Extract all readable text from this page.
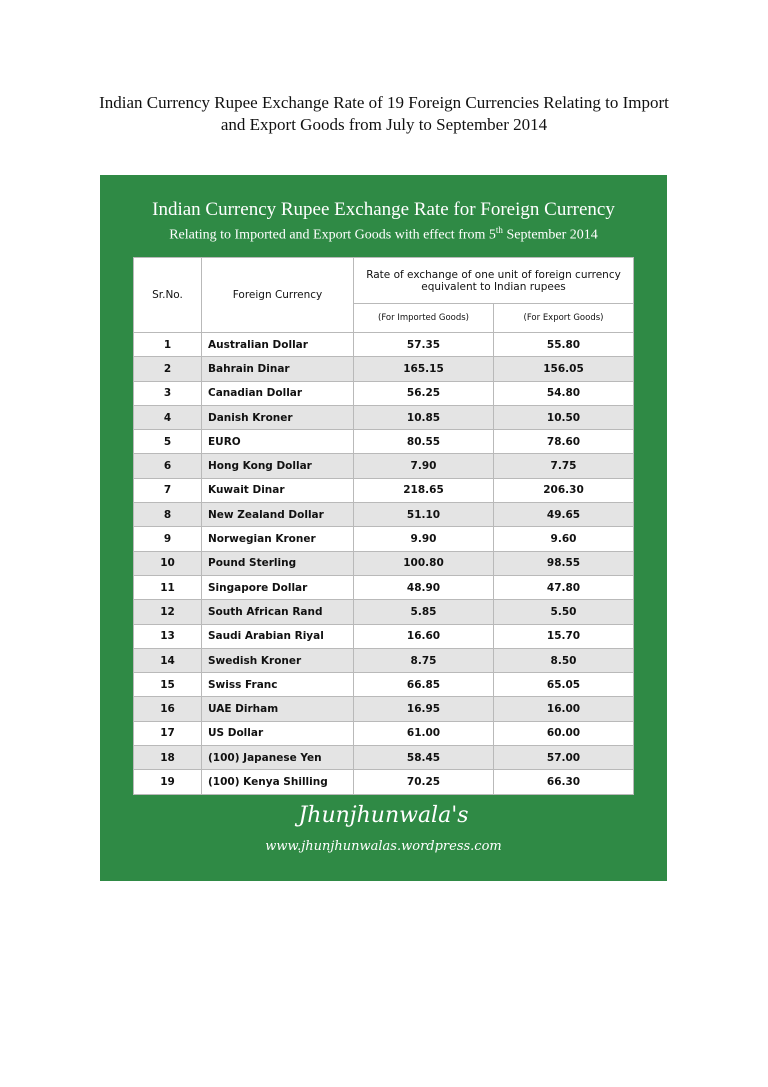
Indian Currency Rupee Exchange Rate of 19 Foreign Currencies Relating to Import and Export Goods from July to September 2014
Indian Currency Rupee Exchange Rate for Foreign Currency
Relating to Imported and Export Goods with effect from 5th September 2014
Sr.No.	Foreign Currency	Rate of exchange of one unit of foreign currency equivalent to Indian rupees	
		(For Imported Goods)	(For Export Goods)
1	Australian Dollar	57.35	55.80
2	Bahrain Dinar	165.15	156.05
3	Canadian Dollar	56.25	54.80
4	Danish Kroner	10.85	10.50
5	EURO	80.55	78.60
6	Hong Kong Dollar	7.90	7.75
7	Kuwait Dinar	218.65	206.30
8	New Zealand Dollar	51.10	49.65
9	Norwegian Kroner	9.90	9.60
10	Pound Sterling	100.80	98.55
11	Singapore Dollar	48.90	47.80
12	South African Rand	5.85	5.50
13	Saudi Arabian Riyal	16.60	15.70
14	Swedish Kroner	8.75	8.50
15	Swiss Franc	66.85	65.05
16	UAE Dirham	16.95	16.00
17	US Dollar	61.00	60.00
18	(100) Japanese Yen	58.45	57.00
19	(100) Kenya Shilling	70.25	66.30
Jhunjhunwala's
www.jhunjhunwalas.wordpress.com
